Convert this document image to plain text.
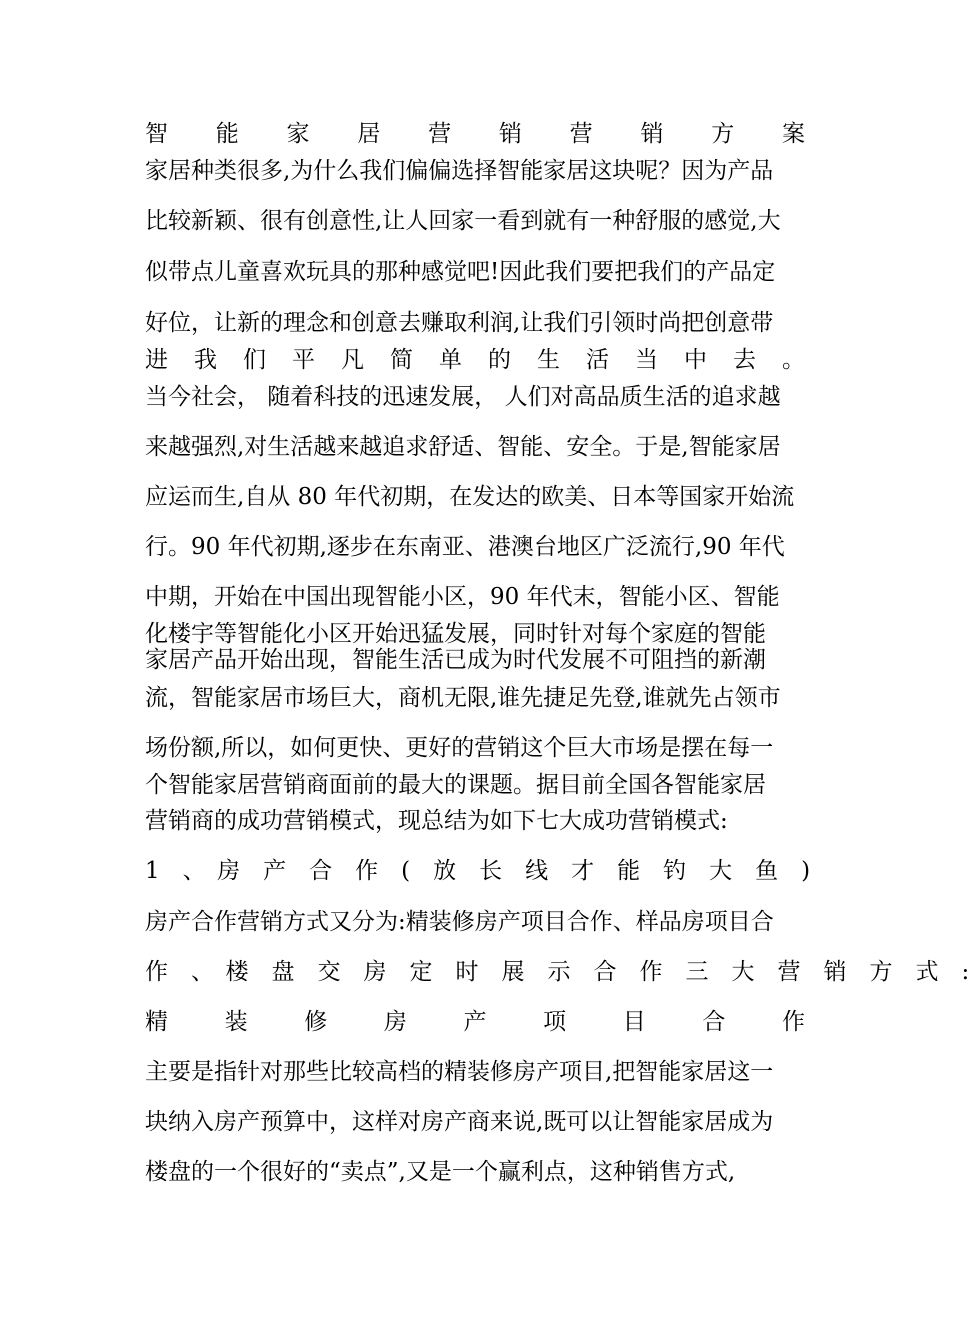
智　能　家　居　营　销　营　销　方　案
家居种类很多,为什么我们偏偏选择智能家居这块呢？因为产品
比较新颖、很有创意性,让人回家一看到就有一种舒服的感觉,大
似带点儿童喜欢玩具的那种感觉吧!因此我们要把我们的产品定
好位，让新的理念和创意去赚取利润,让我们引领时尚把创意带
进　我　们　平　凡　简　单　的　生　活　当　中　去　。
当今社会， 随着科技的迅速发展， 人们对高品质生活的追求越
来越强烈,对生活越来越追求舒适、智能、安全。于是,智能家居
应运而生,自从 80 年代初期，在发达的欧美、日本等国家开始流
行。90 年代初期,逐步在东南亚、港澳台地区广泛流行,90 年代
中期，开始在中国出现智能小区，90 年代末，智能小区、智能
化楼宇等智能化小区开始迅猛发展，同时针对每个家庭的智能
家居产品开始出现，智能生活已成为时代发展不可阻挡的新潮
流，智能家居市场巨大，商机无限,谁先捷足先登,谁就先占领市
场份额,所以，如何更快、更好的营销这个巨大市场是摆在每一
个智能家居营销商面前的最大的课题。据目前全国各智能家居
营销商的成功营销模式，现总结为如下七大成功营销模式:
1　、　房　产　合　作　(　放　长　线　才　能　钓　大　鱼　)
房产合作营销方式又分为:精装修房产项目合作、样品房项目合
作　、　楼　盘　交　房　定　时　展　示　合　作　三　大　营　销　方　式　:
精　装　修　房　产　项　目　合　作
主要是指针对那些比较高档的精装修房产项目,把智能家居这一
块纳入房产预算中，这样对房产商来说,既可以让智能家居成为
楼盘的一个很好的“卖点”,又是一个赢利点，这种销售方式,
